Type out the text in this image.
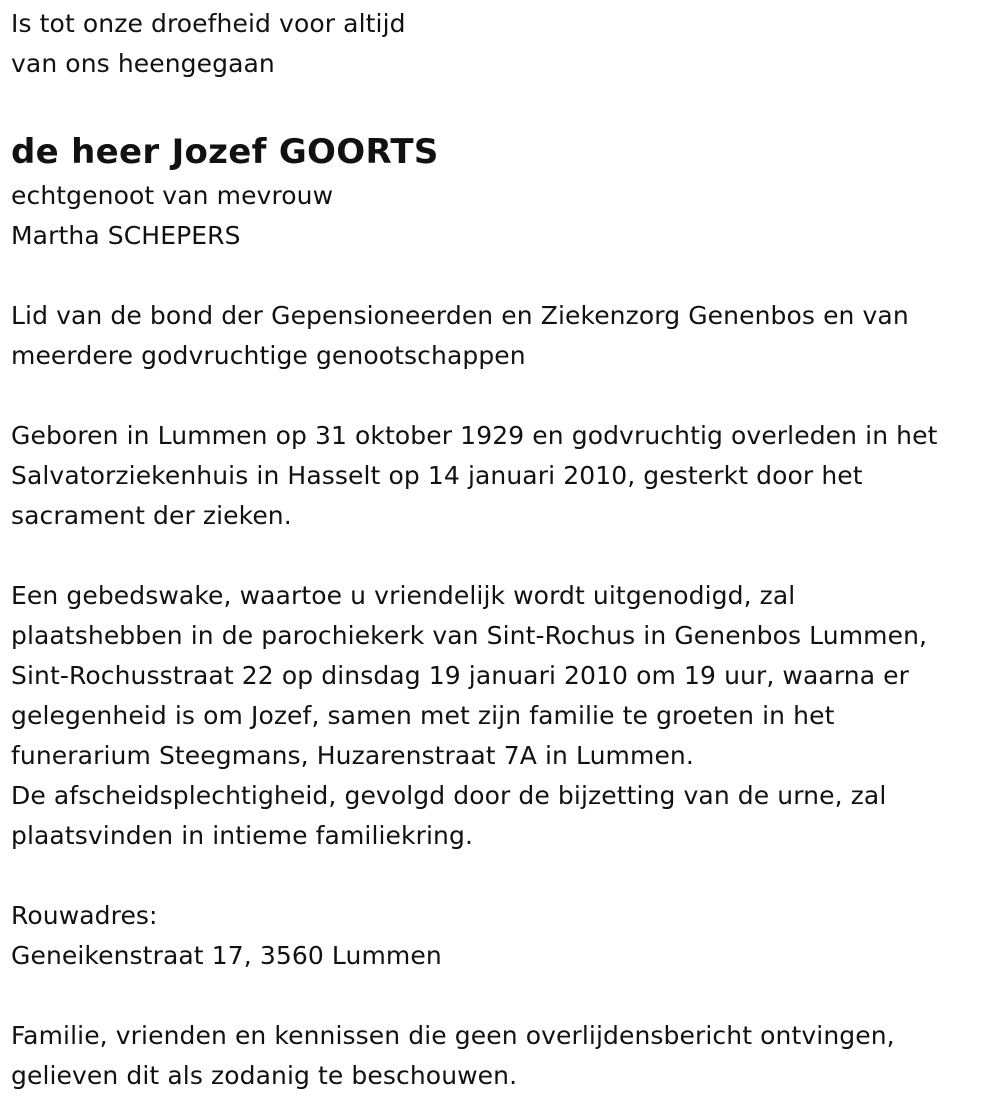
Is tot onze droefheid voor altijd
van ons heengegaan
de heer Jozef GOORTS
echtgenoot van mevrouw
Martha SCHEPERS
Lid van de bond der Gepensioneerden en Ziekenzorg Genenbos en van
meerdere godvruchtige genootschappen
Geboren in Lummen op 31 oktober 1929 en godvruchtig overleden in het
Salvatorziekenhuis in Hasselt op 14 januari 2010, gesterkt door het
sacrament der zieken.
Een gebedswake, waartoe u vriendelijk wordt uitgenodigd, zal
plaatshebben in de parochiekerk van Sint-Rochus in Genenbos Lummen,
Sint-Rochusstraat 22 op dinsdag 19 januari 2010 om 19 uur, waarna er
gelegenheid is om Jozef, samen met zijn familie te groeten in het
funerarium Steegmans, Huzarenstraat 7A in Lummen.
De afscheidsplechtigheid, gevolgd door de bijzetting van de urne, zal
plaatsvinden in intieme familiekring.
Rouwadres:
Geneikenstraat 17, 3560 Lummen
Familie, vrienden en kennissen die geen overlijdensbericht ontvingen,
gelieven dit als zodanig te beschouwen.
